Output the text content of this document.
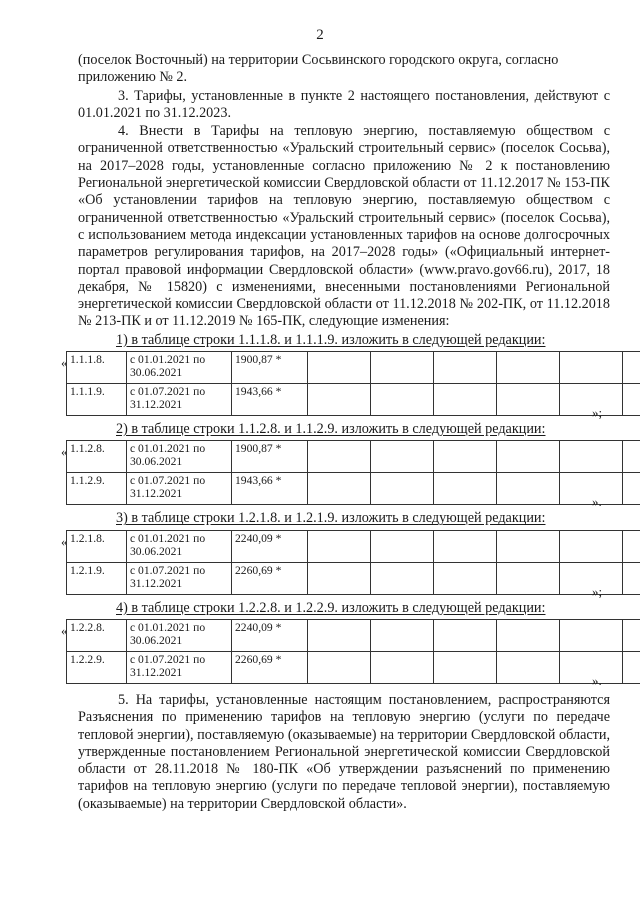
2

(поселок Восточный) на территории Сосьвинского городского округа, согласно

приложению № 2.

3. Тарифы, установленные в пункте 2 настоящего постановления, действуют с 01.01.2021 по 31.12.2023.

4. Внести в Тарифы на тепловую энергию, поставляемую обществом с ограниченной ответственностью «Уральский строительный сервис» (поселок Сосьва), на 2017–2028 годы, установленные согласно приложению № 2 к постановлению Региональной энергетической комиссии Свердловской области от 11.12.2017 № 153-ПК «Об установлении тарифов на тепловую энергию, поставляемую обществом с ограниченной ответственностью «Уральский строительный сервис» (поселок Сосьва), с использованием метода индексации установленных тарифов на основе долгосрочных параметров регулирования тарифов, на 2017–2028 годы» («Официальный интернет-портал правовой информации Свердловской области» (www.pravo.gov66.ru), 2017, 18 декабря, № 15820) с изменениями, внесенными постановлениями Региональной энергетической комиссии Свердловской области от 11.12.2018 № 202-ПК, от 11.12.2018 № 213-ПК и от 11.12.2019 № 165-ПК, следующие изменения:

1) в таблице строки 1.1.1.8. и 1.1.1.9. изложить в следующей редакции:

« 1.1.1.8.	с 01.01.2021 по 30.06.2021	1900,87 *						
1.1.1.9.	с 01.07.2021 по 31.12.2021	1943,66 *						
»;

2) в таблице строки 1.1.2.8. и 1.1.2.9. изложить в следующей редакции:

« 1.1.2.8.	с 01.01.2021 по 30.06.2021	1900,87 *						
1.1.2.9.	с 01.07.2021 по 31.12.2021	1943,66 *						
».

3) в таблице строки 1.2.1.8. и 1.2.1.9. изложить в следующей редакции:

« 1.2.1.8.	с 01.01.2021 по 30.06.2021	2240,09 *						
1.2.1.9.	с 01.07.2021 по 31.12.2021	2260,69 *						
»;

4) в таблице строки 1.2.2.8. и 1.2.2.9. изложить в следующей редакции:

« 1.2.2.8.	с 01.01.2021 по 30.06.2021	2240,09 *						
1.2.2.9.	с 01.07.2021 по 31.12.2021	2260,69 *						
».

5. На тарифы, установленные настоящим постановлением, распространяются Разъяснения по применению тарифов на тепловую энергию (услуги по передаче тепловой энергии), поставляемую (оказываемые) на территории Свердловской области, утвержденные постановлением Региональной энергетической комиссии Свердловской области от 28.11.2018 № 180-ПК «Об утверждении разъяснений по применению тарифов на тепловую энергию (услуги по передаче тепловой энергии), поставляемую (оказываемые) на территории Свердловской области».
